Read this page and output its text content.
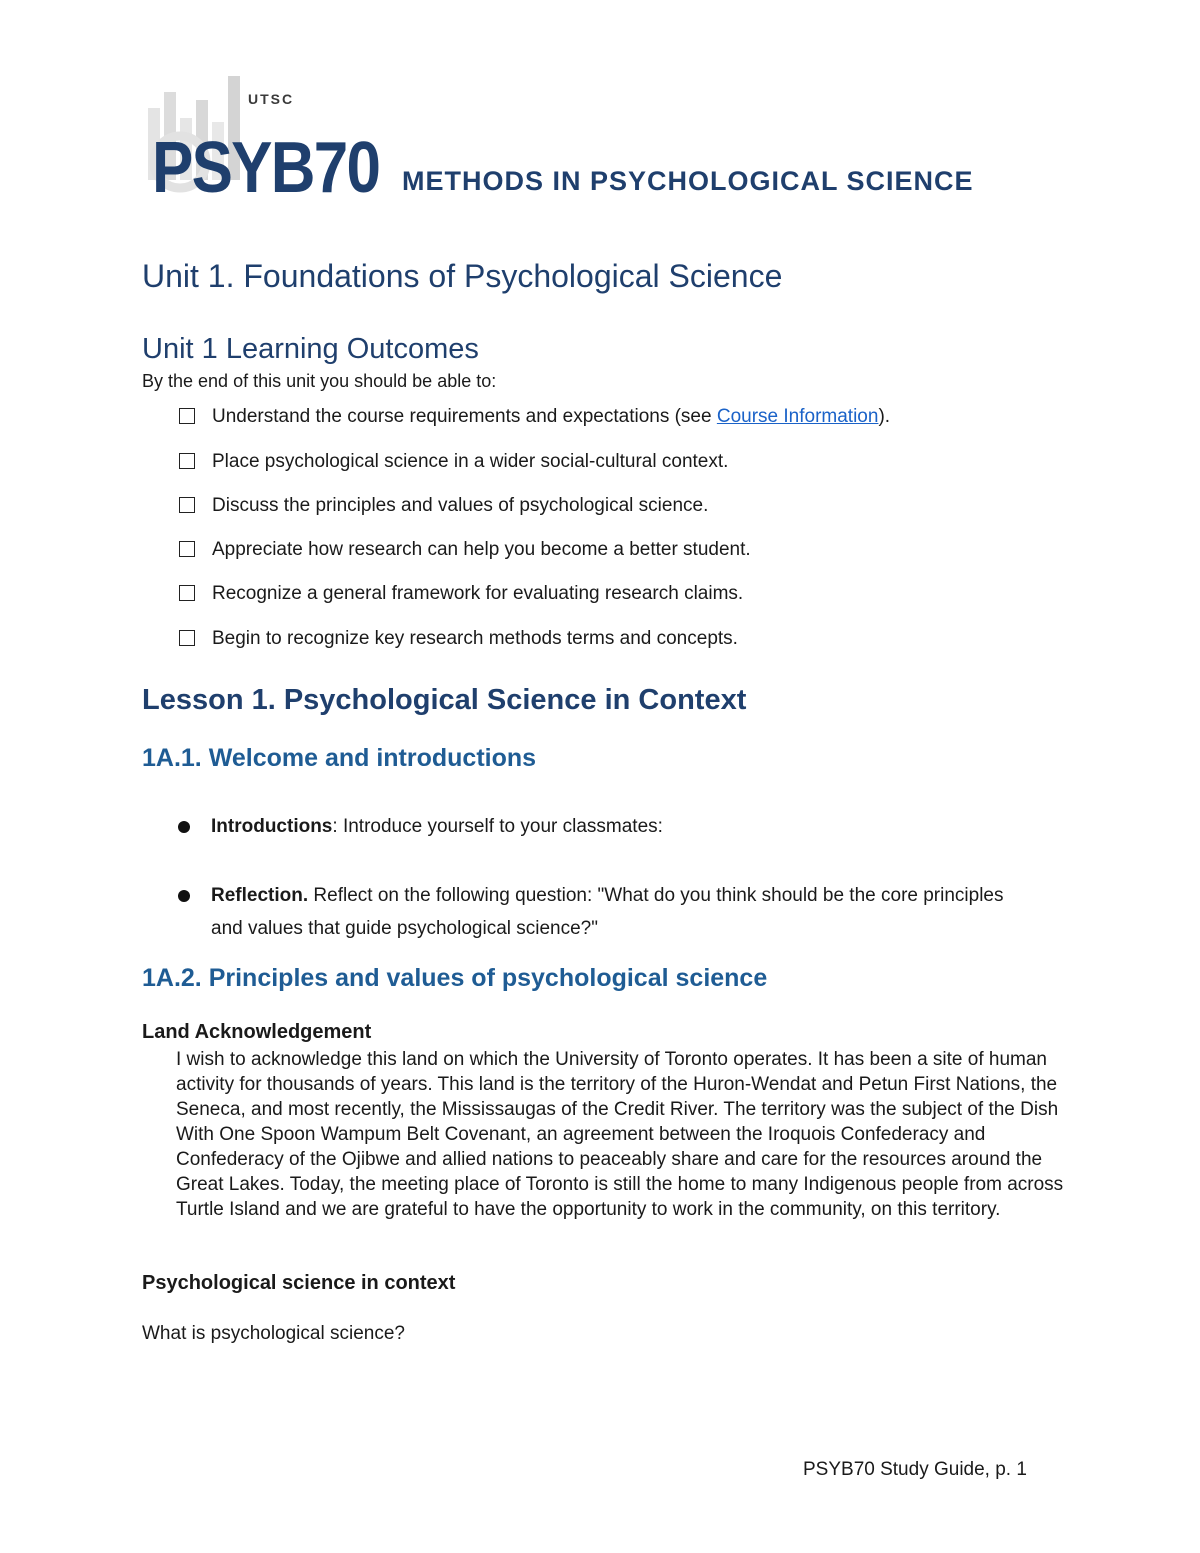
UTSC
PSYB70 METHODS IN PSYCHOLOGICAL SCIENCE
Unit 1. Foundations of Psychological Science
Unit 1 Learning Outcomes
By the end of this unit you should be able to:
Understand the course requirements and expectations (see Course Information).
Place psychological science in a wider social-cultural context.
Discuss the principles and values of psychological science.
Appreciate how research can help you become a better student.
Recognize a general framework for evaluating research claims.
Begin to recognize key research methods terms and concepts.
Lesson 1. Psychological Science in Context
1A.1. Welcome and introductions
Introductions: Introduce yourself to your classmates:
Reflection. Reflect on the following question: "What do you think should be the core principles and values that guide psychological science?"
1A.2. Principles and values of psychological science
Land Acknowledgement
I wish to acknowledge this land on which the University of Toronto operates. It has been a site of human activity for thousands of years. This land is the territory of the Huron-Wendat and Petun First Nations, the Seneca, and most recently, the Mississaugas of the Credit River. The territory was the subject of the Dish With One Spoon Wampum Belt Covenant, an agreement between the Iroquois Confederacy and Confederacy of the Ojibwe and allied nations to peaceably share and care for the resources around the Great Lakes. Today, the meeting place of Toronto is still the home to many Indigenous people from across Turtle Island and we are grateful to have the opportunity to work in the community, on this territory.
Psychological science in context
What is psychological science?
PSYB70 Study Guide, p. 1
